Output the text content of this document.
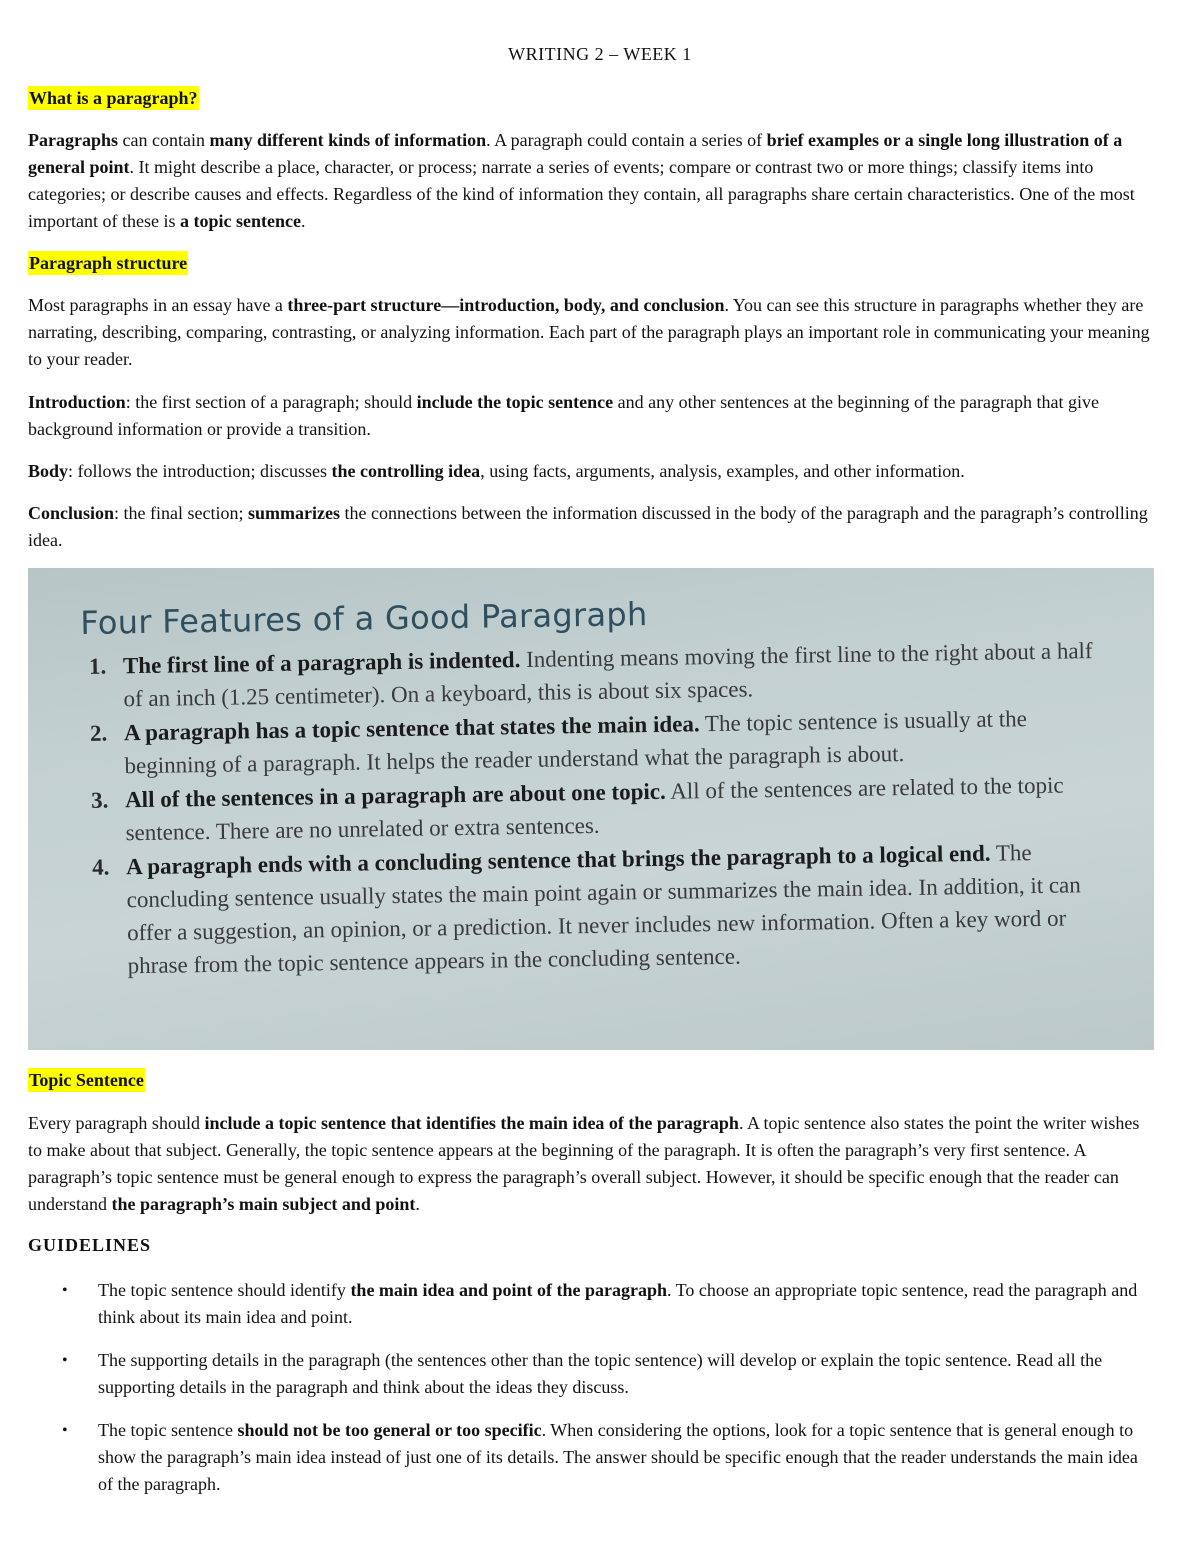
WRITING 2 – WEEK 1
What is a paragraph?

Paragraphs can contain many different kinds of information. A paragraph could contain a series of brief examples or a single long illustration of a general point. It might describe a place, character, or process; narrate a series of events; compare or contrast two or more things; classify items into categories; or describe causes and effects. Regardless of the kind of information they contain, all paragraphs share certain characteristics. One of the most important of these is a topic sentence.

Paragraph structure

Most paragraphs in an essay have a three-part structure—introduction, body, and conclusion. You can see this structure in paragraphs whether they are narrating, describing, comparing, contrasting, or analyzing information. Each part of the paragraph plays an important role in communicating your meaning to your reader.

Introduction: the first section of a paragraph; should include the topic sentence and any other sentences at the beginning of the paragraph that give background information or provide a transition.

Body: follows the introduction; discusses the controlling idea, using facts, arguments, analysis, examples, and other information.

Conclusion: the final section; summarizes the connections between the information discussed in the body of the paragraph and the paragraph’s controlling idea.

Four Features of a Good Paragraph
1. The first line of a paragraph is indented. Indenting means moving the first line to the right about a half of an inch (1.25 centimeter). On a keyboard, this is about six spaces.
2. A paragraph has a topic sentence that states the main idea. The topic sentence is usually at the beginning of a paragraph. It helps the reader understand what the paragraph is about.
3. All of the sentences in a paragraph are about one topic. All of the sentences are related to the topic sentence. There are no unrelated or extra sentences.
4. A paragraph ends with a concluding sentence that brings the paragraph to a logical end. The concluding sentence usually states the main point again or summarizes the main idea. In addition, it can offer a suggestion, an opinion, or a prediction. It never includes new information. Often a key word or phrase from the topic sentence appears in the concluding sentence.
Topic Sentence

Every paragraph should include a topic sentence that identifies the main idea of the paragraph. A topic sentence also states the point the writer wishes to make about that subject. Generally, the topic sentence appears at the beginning of the paragraph. It is often the paragraph’s very first sentence. A paragraph’s topic sentence must be general enough to express the paragraph’s overall subject. However, it should be specific enough that the reader can understand the paragraph’s main subject and point.

GUIDELINES
• The topic sentence should identify the main idea and point of the paragraph. To choose an appropriate topic sentence, read the paragraph and think about its main idea and point.
• The supporting details in the paragraph (the sentences other than the topic sentence) will develop or explain the topic sentence. Read all the supporting details in the paragraph and think about the ideas they discuss.
• The topic sentence should not be too general or too specific. When considering the options, look for a topic sentence that is general enough to show the paragraph’s main idea instead of just one of its details. The answer should be specific enough that the reader understands the main idea of the paragraph.
